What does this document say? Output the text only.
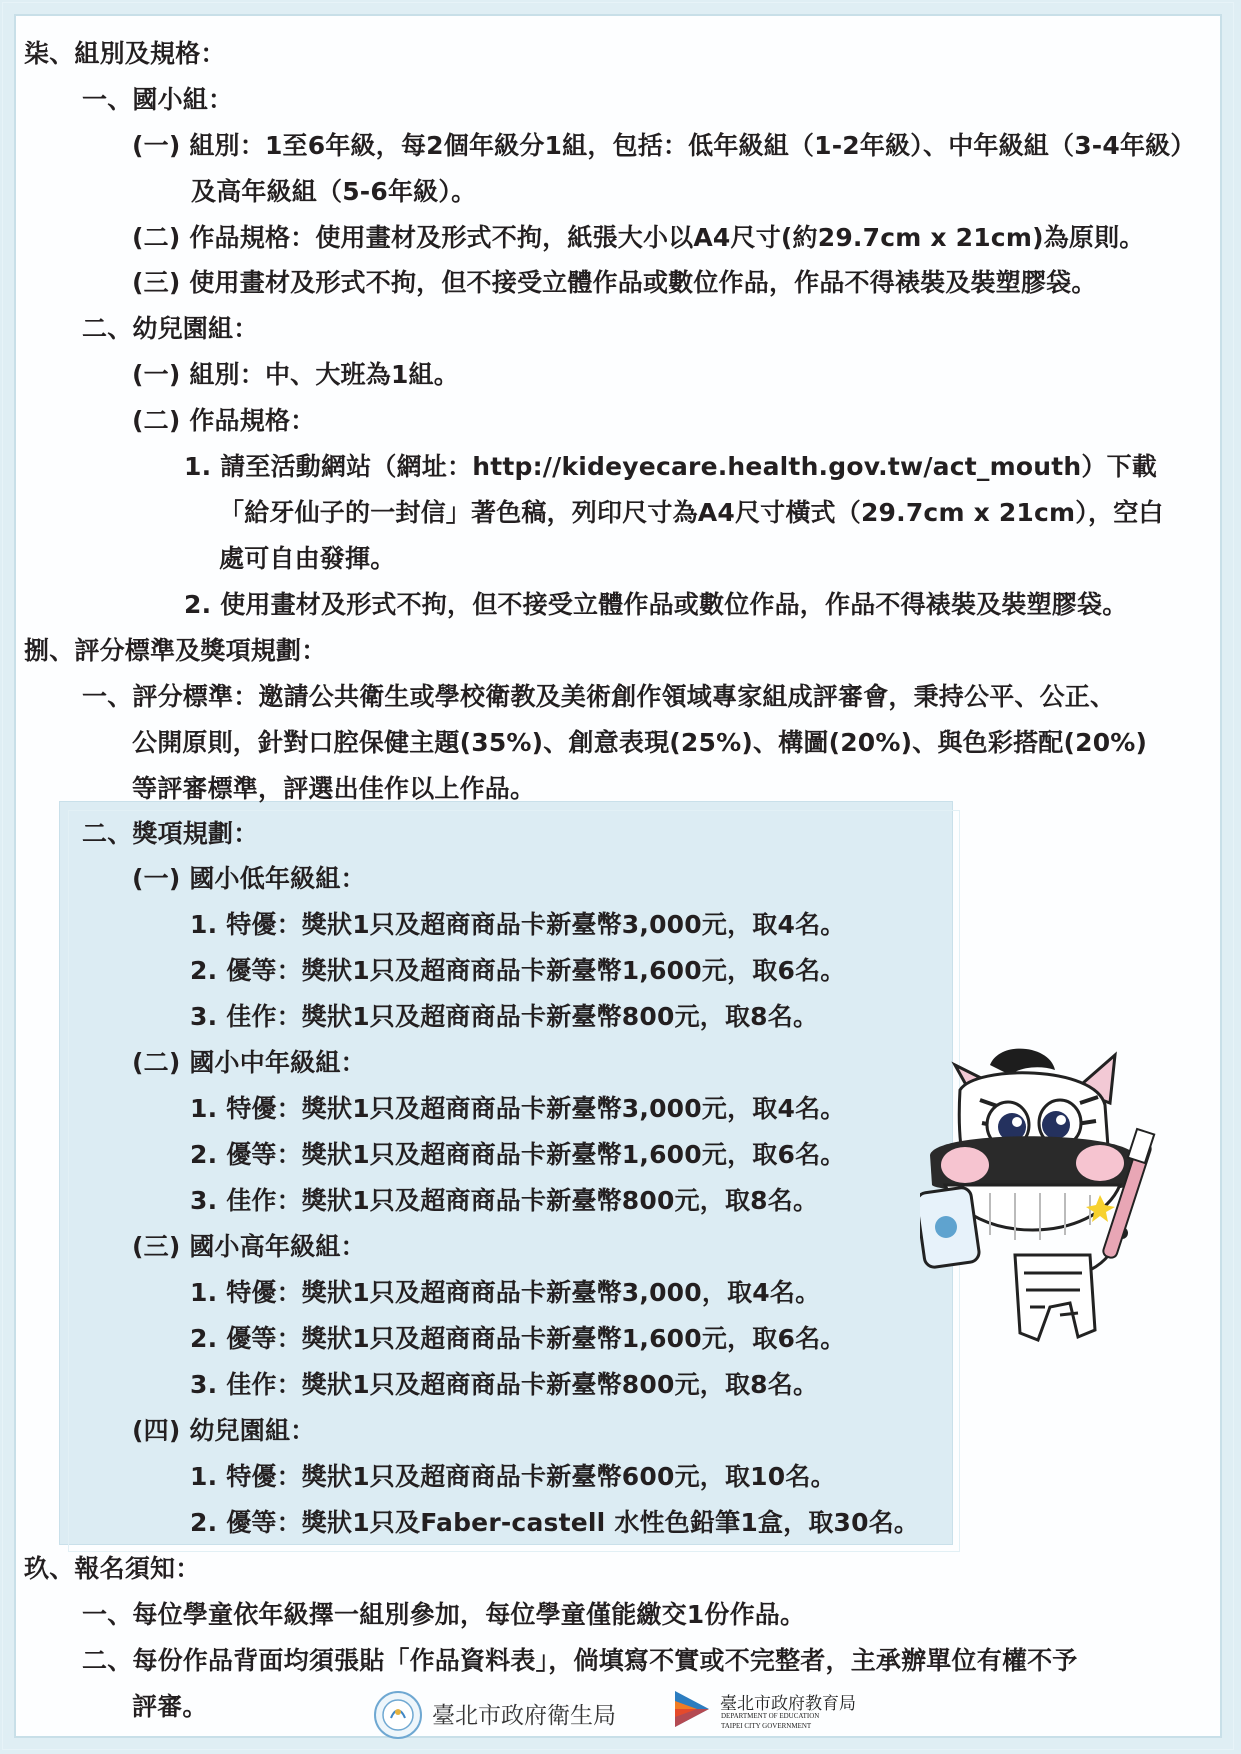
柒、組別及規格：
一、國小組：
(一) 組別：1至6年級，每2個年級分1組，包括：低年級組（1-2年級）、中年級組（3-4年級）
及高年級組（5-6年級）。
(二) 作品規格：使用畫材及形式不拘，紙張大小以A4尺寸(約29.7cm x 21cm)為原則。
(三) 使用畫材及形式不拘，但不接受立體作品或數位作品，作品不得裱裝及裝塑膠袋。
二、幼兒園組：
(一) 組別：中、大班為1組。
(二) 作品規格：
1. 請至活動網站（網址：http://kideyecare.health.gov.tw/act_mouth）下載
「給牙仙子的一封信」著色稿，列印尺寸為A4尺寸橫式（29.7cm x 21cm），空白
處可自由發揮。
2. 使用畫材及形式不拘，但不接受立體作品或數位作品，作品不得裱裝及裝塑膠袋。
捌、評分標準及獎項規劃：
一、評分標準：邀請公共衛生或學校衛教及美術創作領域專家組成評審會，秉持公平、公正、
公開原則，針對口腔保健主題(35%)、創意表現(25%)、構圖(20%)、與色彩搭配(20%)
等評審標準，評選出佳作以上作品。
二、獎項規劃：
(一) 國小低年級組：
1. 特優：獎狀1只及超商商品卡新臺幣3,000元，取4名。
2. 優等：獎狀1只及超商商品卡新臺幣1,600元，取6名。
3. 佳作：獎狀1只及超商商品卡新臺幣800元，取8名。
(二) 國小中年級組：
1. 特優：獎狀1只及超商商品卡新臺幣3,000元，取4名。
2. 優等：獎狀1只及超商商品卡新臺幣1,600元，取6名。
3. 佳作：獎狀1只及超商商品卡新臺幣800元，取8名。
(三) 國小高年級組：
1. 特優：獎狀1只及超商商品卡新臺幣3,000，取4名。
2. 優等：獎狀1只及超商商品卡新臺幣1,600元，取6名。
3. 佳作：獎狀1只及超商商品卡新臺幣800元，取8名。
(四) 幼兒園組：
1. 特優：獎狀1只及超商商品卡新臺幣600元，取10名。
2. 優等：獎狀1只及Faber-castell 水性色鉛筆1盒，取30名。
玖、報名須知：
一、每位學童依年級擇一組別參加，每位學童僅能繳交1份作品。
二、每份作品背面均須張貼「作品資料表」，倘填寫不實或不完整者，主承辦單位有權不予
評審。	臺北市政府衛生局	臺北市政府教育局
DEPARTMENT OF EDUCATION
TAIPEI CITY GOVERNMENT
